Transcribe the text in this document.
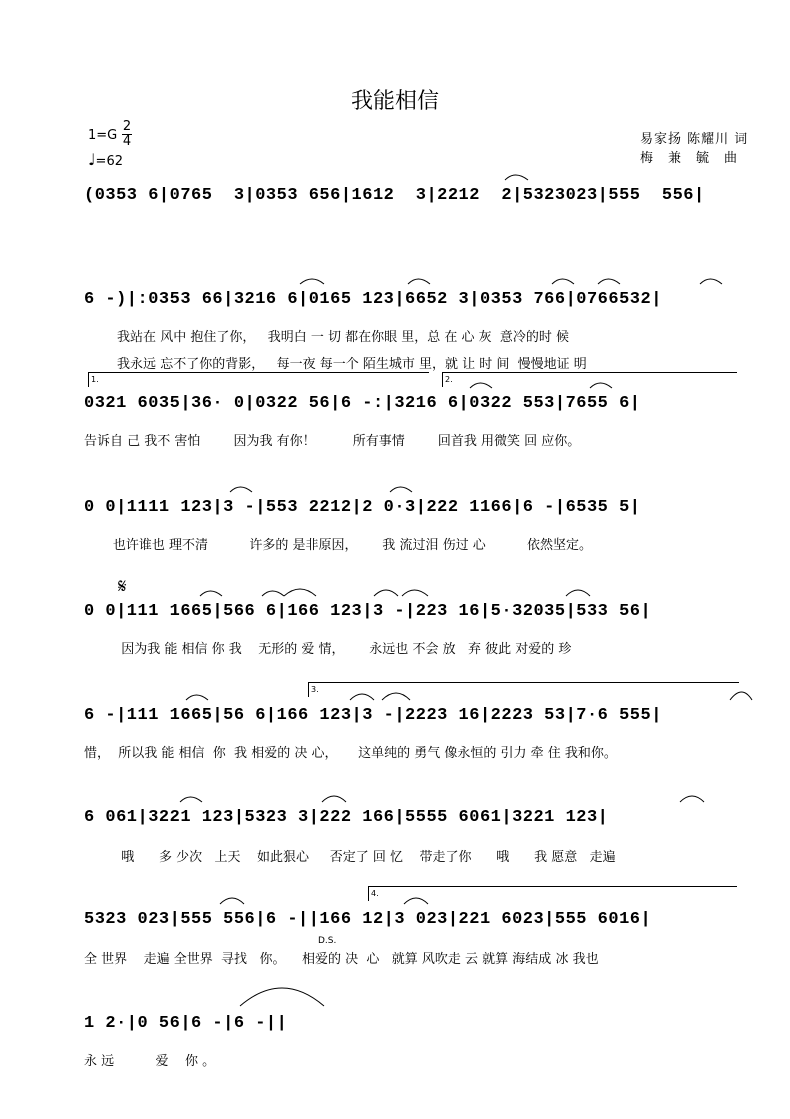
我能相信
1=G
2
4
♩=62
易家扬 陈耀川 词
梅　兼　毓　曲
(0353 6|0765  3|0353 656|1612  3|2212  2|5323023|555  556|
6 -)|:0353 66|3216 6|0165 123|6652 3|0353 766|0766532|
我站在 风中 抱住了你，   我明白 一 切 都在你眼 里，总 在 心 灰  意冷的时 候
我永远 忘不了你的背影，   每一夜 每一个 陌生城市 里，就 让 时 间  慢慢地证 明
1.	2.
0321 6035|36· 0|0322 56|6 -:|3216 6|0322 553|7655 6|
告诉自 己 我不 害怕        因为我 有你！         所有事情        回首我 用微笑 回 应你。
0 0|1111 123|3 -|553 2212|2 0·3|222 1166|6 -|6535 5|
也许谁也 理不清          许多的 是非原因，      我 流过泪 伤过 心          依然坚定。
𝄋
0 0|111 1665|566 6|166 123|3 -|223 16|5·32035|533 56|
因为我 能 相信 你 我    无形的 爱 情，      永远也 不会 放   弃 彼此 对爱的 珍
3.
6 -|111 1665|56 6|166 123|3 -|2223 16|2223 53|7·6 555|
惜，  所以我 能 相信  你  我 相爱的 决 心，     这单纯的 勇气 像永恒的 引力 牵 住 我和你。
6 061|3221 123|5323 3|222 166|5555 6061|3221 123|
哦      多 少次   上天    如此狠心     否定了 回 忆    带走了你      哦      我 愿意   走遍
4.
5323 023|555 556|6 -||166 12|3 023|221 6023|555 6016|
D.S.
全 世界    走遍 全世界  寻找   你。    相爱的 决  心   就算 风吹走 云 就算 海结成 冰 我也
1 2·|0 56|6 -|6 -||
永 远          爱    你 。
